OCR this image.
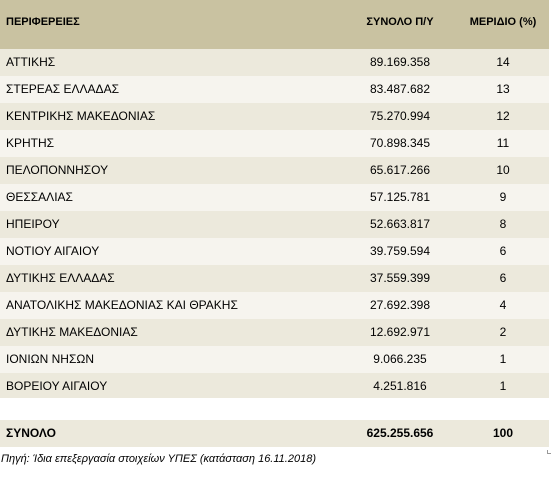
ΠΕΡΙΦΕΡΕΙΕΣ	ΣΥΝΟΛΟ Π/Υ	ΜΕΡΙΔΙΟ (%)
ΑΤΤΙΚΗΣ	89.169.358	14
ΣΤΕΡΕΑΣ ΕΛΛΑΔΑΣ	83.487.682	13
ΚΕΝΤΡΙΚΗΣ ΜΑΚΕΔΟΝΙΑΣ	75.270.994	12
ΚΡΗΤΗΣ	70.898.345	11
ΠΕΛΟΠΟΝΝΗΣΟΥ	65.617.266	10
ΘΕΣΣΑΛΙΑΣ	57.125.781	9
ΗΠΕΙΡΟΥ	52.663.817	8
ΝΟΤΙΟΥ ΑΙΓΑΙΟΥ	39.759.594	6
ΔΥΤΙΚΗΣ ΕΛΛΑΔΑΣ	37.559.399	6
ΑΝΑΤΟΛΙΚΗΣ ΜΑΚΕΔΟΝΙΑΣ ΚΑΙ ΘΡΑΚΗΣ	27.692.398	4
ΔΥΤΙΚΗΣ ΜΑΚΕΔΟΝΙΑΣ	12.692.971	2
ΙΟΝΙΩΝ ΝΗΣΩΝ	9.066.235	1
ΒΟΡΕΙΟΥ ΑΙΓΑΙΟΥ	4.251.816	1
ΣΥΝΟΛΟ	625.255.656	100
Πηγή: Ίδια επεξεργασία στοιχείων ΥΠΕΣ (κατάσταση 16.11.2018)
